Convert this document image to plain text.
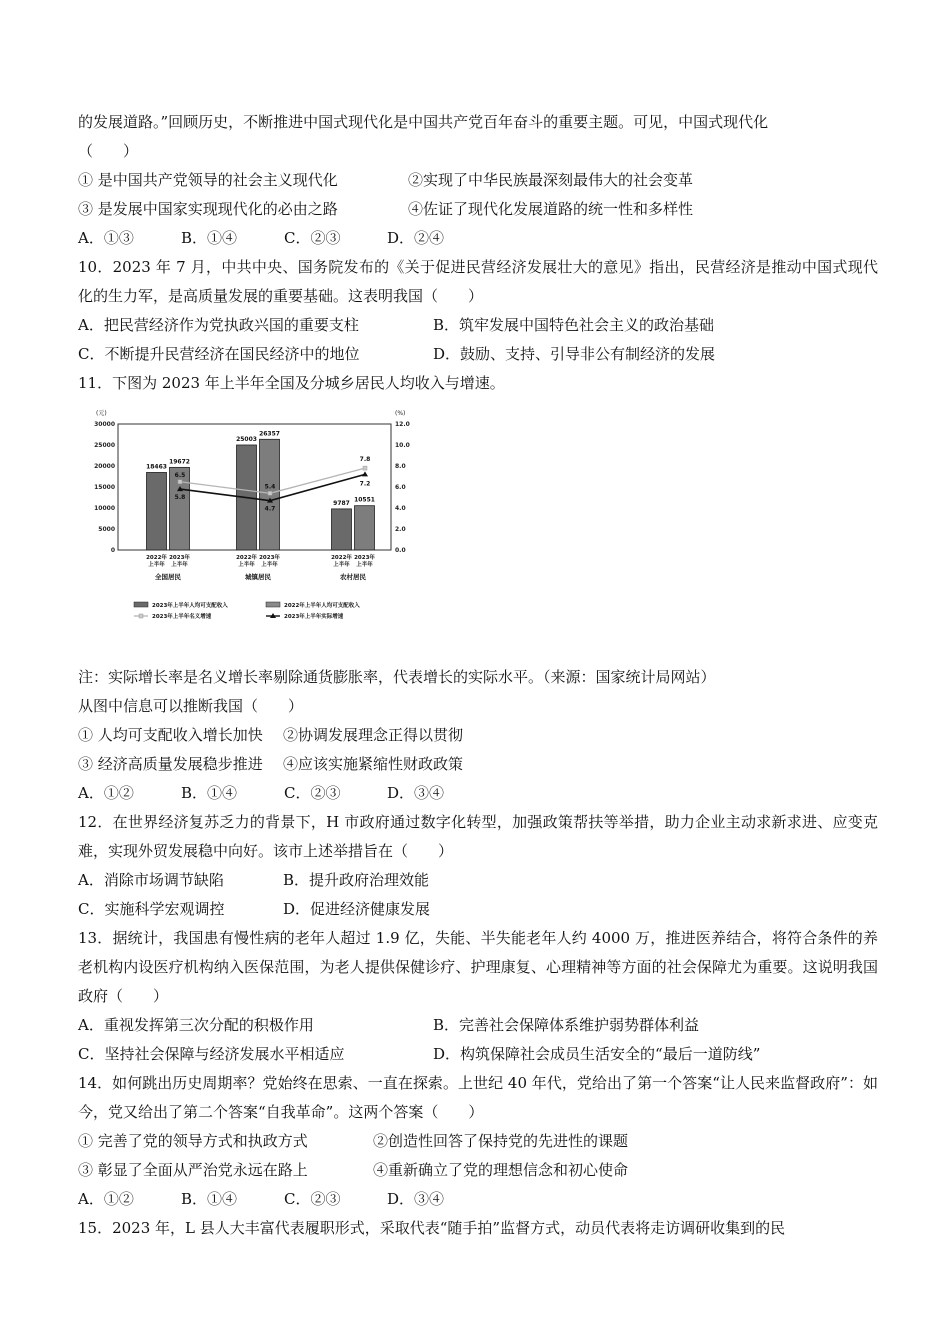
的发展道路。”回顾历史，不断推进中国式现代化是中国共产党百年奋斗的重要主题。可见，中国式现代化
（　　）
① 是中国共产党领导的社会主义现代化	②实现了中华民族最深刻最伟大的社会变革
③ 是发展中国家实现现代化的必由之路	④佐证了现代化发展道路的统一性和多样性
A．①③	B．①④	C．②③	D．②④
10．2023 年 7 月，中共中央、国务院发布的《关于促进民营经济发展壮大的意见》指出，民营经济是推动中国式现代化的生力军，是高质量发展的重要基础。这表明我国（　　）
A．把民营经济作为党执政兴国的重要支柱	B．筑牢发展中国特色社会主义的政治基础
C．不断提升民营经济在国民经济中的地位	D．鼓励、支持、引导非公有制经济的发展
11．下图为 2023 年上半年全国及分城乡居民人均收入与增速。
(元)	(%)
0
5000
10000
15000
20000
25000
30000
0.0
2.0
4.0
6.0
8.0
10.0
12.0
18463
19672
2022年
上半年
2023年
上半年
全国居民
25003
26357
2022年
上半年
2023年
上半年
城镇居民
9787 10551
2022年
上半年
2023年
上半年
农村居民
6.5
5.4
7.8
5.8
4.7
7.2
2023年上半年人均可支配收入	2022年上半年人均可支配收入
2023年上半年名义增速	2023年上半年实际增速
注：实际增长率是名义增长率剔除通货膨胀率，代表增长的实际水平。（来源：国家统计局网站）
从图中信息可以推断我国（　　）
① 人均可支配收入增长加快	②协调发展理念正得以贯彻
③ 经济高质量发展稳步推进	④应该实施紧缩性财政政策
A．①②	B．①④	C．②③	D．③④
12．在世界经济复苏乏力的背景下，H 市政府通过数字化转型，加强政策帮扶等举措，助力企业主动求新求进、应变克难，实现外贸发展稳中向好。该市上述举措旨在（　　）
A．消除市场调节缺陷	B．提升政府治理效能
C．实施科学宏观调控	D．促进经济健康发展
13．据统计，我国患有慢性病的老年人超过 1.9 亿，失能、半失能老年人约 4000 万，推进医养结合，将符合条件的养老机构内设医疗机构纳入医保范围，为老人提供保健诊疗、护理康复、心理精神等方面的社会保障尤为重要。这说明我国政府（　　）
A．重视发挥第三次分配的积极作用	B．完善社会保障体系维护弱势群体利益
C．坚持社会保障与经济发展水平相适应	D．构筑保障社会成员生活安全的“最后一道防线”
14．如何跳出历史周期率？党始终在思索、一直在探索。上世纪 40 年代，党给出了第一个答案“让人民来监督政府”：如今，党又给出了第二个答案“自我革命”。这两个答案（　　）
① 完善了党的领导方式和执政方式	②创造性回答了保持党的先进性的课题
③ 彰显了全面从严治党永远在路上	④重新确立了党的理想信念和初心使命
A．①②	B．①④	C．②③	D．③④
15．2023 年，L 县人大丰富代表履职形式，采取代表“随手拍”监督方式，动员代表将走访调研收集到的民
